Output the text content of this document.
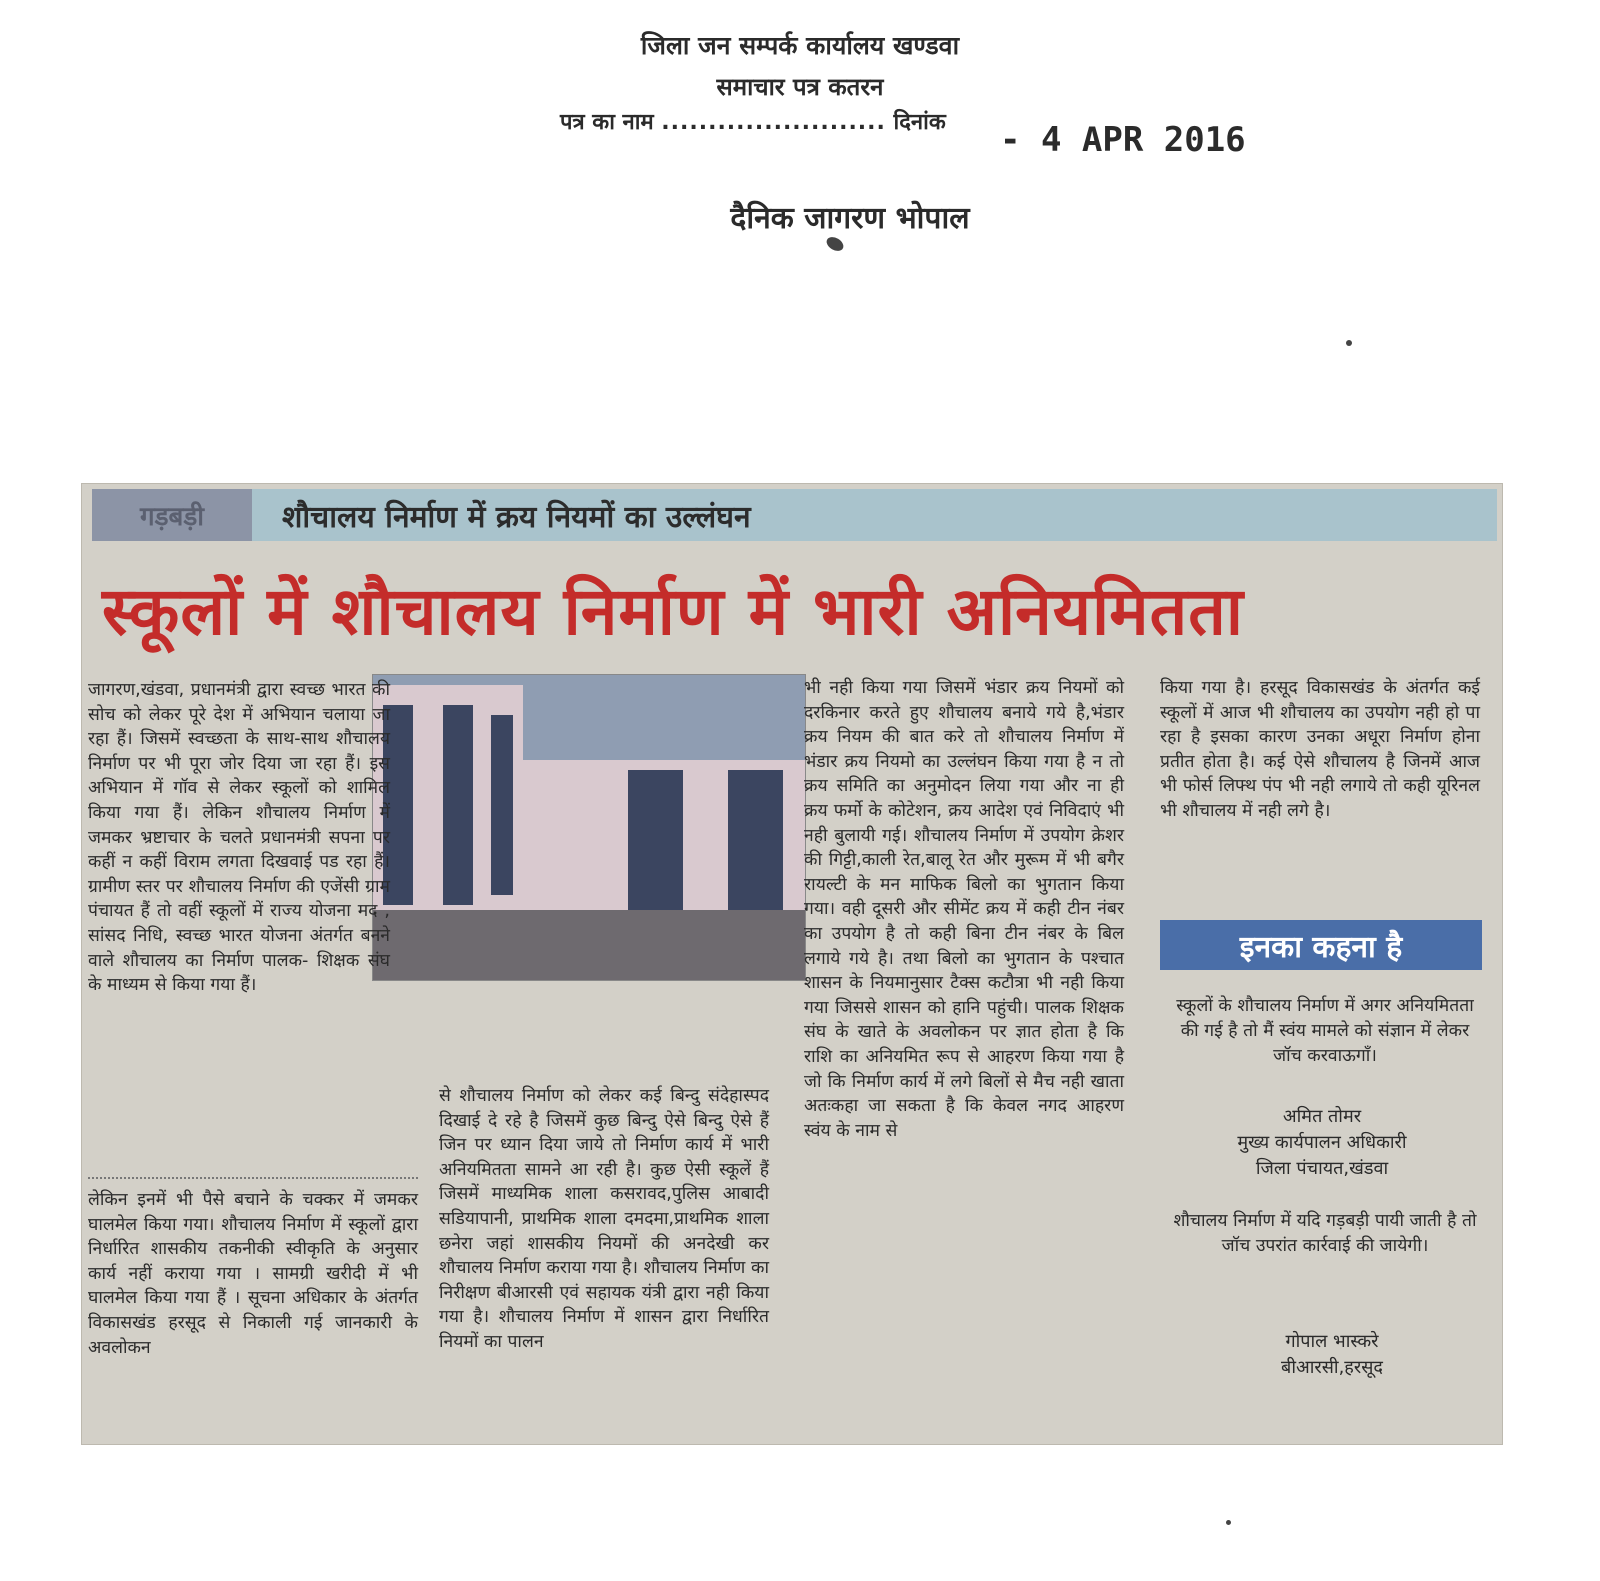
जिला जन सम्पर्क कार्यालय खण्डवा
समाचार पत्र कतरन
पत्र का नाम ........................ दिनांक - 4 APR 2016
दैनिक जागरण भोपाल
गड़बड़ी	शौचालय निर्माण में क्रय नियमों का उल्लंघन
स्कूलों में शौचालय निर्माण में भारी अनियमितता
जागरण,खंडवा, प्रधानमंत्री द्वारा स्वच्छ भारत की सोच को लेकर पूरे देश में अभियान चलाया जा रहा हैं। जिसमें स्वच्छता के साथ-साथ शौचालय निर्माण पर भी पूरा जोर दिया जा रहा हैं। इस अभियान में गॉव से लेकर स्कूलों को शामिल किया गया हैं। लेकिन शौचालय निर्माण में जमकर भ्रष्टाचार के चलते प्रधानमंत्री सपना पर कहीं न कहीं विराम लगता दिखवाई पड रहा हैं। ग्रामीण स्तर पर शौचालय निर्माण की एजेंसी ग्राम पंचायत हैं तो वहीं स्कूलों में राज्य योजना मद , सांसद निधि, स्वच्छ भारत योजना अंतर्गत बनने वाले शौचालय का निर्माण पालक- शिक्षक संघ के माध्यम से किया गया हैं।
लेकिन इनमें भी पैसे बचाने के चक्कर में जमकर घालमेल किया गया। शौचालय निर्माण में स्कूलों द्वारा निर्धारित शासकीय तकनीकी स्वीकृति के अनुसार कार्य नहीं कराया गया । सामग्री खरीदी में भी घालमेल किया गया हैं । सूचना अधिकार के अंतर्गत विकासखंड हरसूद से निकाली गई जानकारी के अवलोकन
से शौचालय निर्माण को लेकर कई बिन्दु संदेहास्पद दिखाई दे रहे है जिसमें कुछ बिन्दु ऐसे बिन्दु ऐसे हैं जिन पर ध्यान दिया जाये तो निर्माण कार्य में भारी अनियमितता सामने आ रही है। कुछ ऐसी स्कूलें हैं जिसमें माध्यमिक शाला कसरावद,पुलिस आबादी सडियापानी, प्राथमिक शाला दमदमा,प्राथमिक शाला छनेरा जहां शासकीय नियमों की अनदेखी कर शौचालय निर्माण कराया गया है। शौचालय निर्माण का निरीक्षण बीआरसी एवं सहायक यंत्री द्वारा नही किया गया है। शौचालय निर्माण में शासन द्वारा निर्धारित नियमों का पालन
भी नही किया गया जिसमें भंडार क्रय नियमों को दरकिनार करते हुए शौचालय बनाये गये है,भंडार क्रय नियम की बात करे तो शौचालय निर्माण में भंडार क्रय नियमो का उल्लंघन किया गया है न तो क्रय समिति का अनुमोदन लिया गया और ना ही क्रय फर्मो के कोटेशन, क्रय आदेश एवं निविदाएं भी नही बुलायी गई। शौचालय निर्माण में उपयोग क्रेशर की गिट्टी,काली रेत,बालू रेत और मुरूम में भी बगैर रायल्टी के मन माफिक बिलो का भुगतान किया गया। वही दूसरी और सीमेंट क्रय में कही टीन नंबर का उपयोग है तो कही बिना टीन नंबर के बिल लगाये गये है। तथा बिलो का भुगतान के पश्चात शासन के नियमानुसार टैक्स कटौत्रा भी नही किया गया जिससे शासन को हानि पहुंची। पालक शिक्षक संघ के खाते के अवलोकन पर ज्ञात होता है कि राशि का अनियमित रूप से आहरण किया गया है जो कि निर्माण कार्य में लगे बिलों से मैच नही खाता अतःकहा जा सकता है कि केवल नगद आहरण स्वंय के नाम से
किया गया है। हरसूद विकासखंड के अंतर्गत कई स्कूलों में आज भी शौचालय का उपयोग नही हो पा रहा है इसका कारण उनका अधूरा निर्माण होना प्रतीत होता है। कई ऐसे शौचालय है जिनमें आज भी फोर्स लिफ्थ पंप भी नही लगाये तो कही यूरिनल भी शौचालय में नही लगे है।
इनका कहना है
स्कूलों के शौचालय निर्माण में अगर अनियमितता की गई है तो मैं स्वंय मामले को संज्ञान में लेकर जॉच करवाऊगाँ।
अमित तोमर
मुख्य कार्यपालन अधिकारी
जिला पंचायत,खंडवा
शौचालय निर्माण में यदि गड़बड़ी पायी जाती है तो जॉच उपरांत कार्रवाई की जायेगी।
गोपाल भास्करे
बीआरसी,हरसूद
